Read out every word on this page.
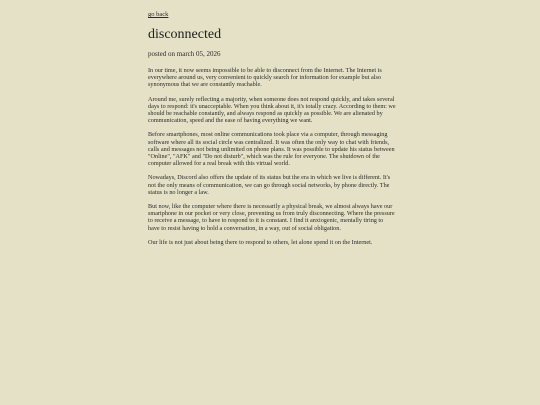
go back
disconnected

posted on march 05, 2026

In our time, it now seems impossible to be able to disconnect from the Internet. The Internet is everywhere around us, very convenient to quickly search for information for example but also synonymous that we are constantly reachable.

Around me, surely reflecting a majority, when someone does not respond quickly, and takes several days to respond: it's unacceptable. When you think about it, it's totally crazy. According to them: we should be reachable constantly, and always respond as quickly as possible. We are alienated by communication, speed and the ease of having everything we want.

Before smartphones, most online communications took place via a computer, through messaging software where all its social circle was centralized. It was often the only way to chat with friends, calls and messages not being unlimited on phone plans. It was possible to update his status between "Online", "AFK" and "Do not disturb", which was the rule for everyone. The shutdown of the computer allowed for a real break with this virtual world.

Nowadays, Discord also offers the update of its status but the era in which we live is different. It's not the only means of communication, we can go through social networks, by phone directly. The status is no longer a law.

But now, like the computer where there is necessarily a physical break, we almost always have our smartphone in our pocket or very close, preventing us from truly disconnecting. Where the pressure to receive a message, to have to respond to it is constant. I find it anxiogenic, mentally tiring to have to resist having to hold a conversation, in a way, out of social obligation.

Our life is not just about being there to respond to others, let alone spend it on the Internet.
